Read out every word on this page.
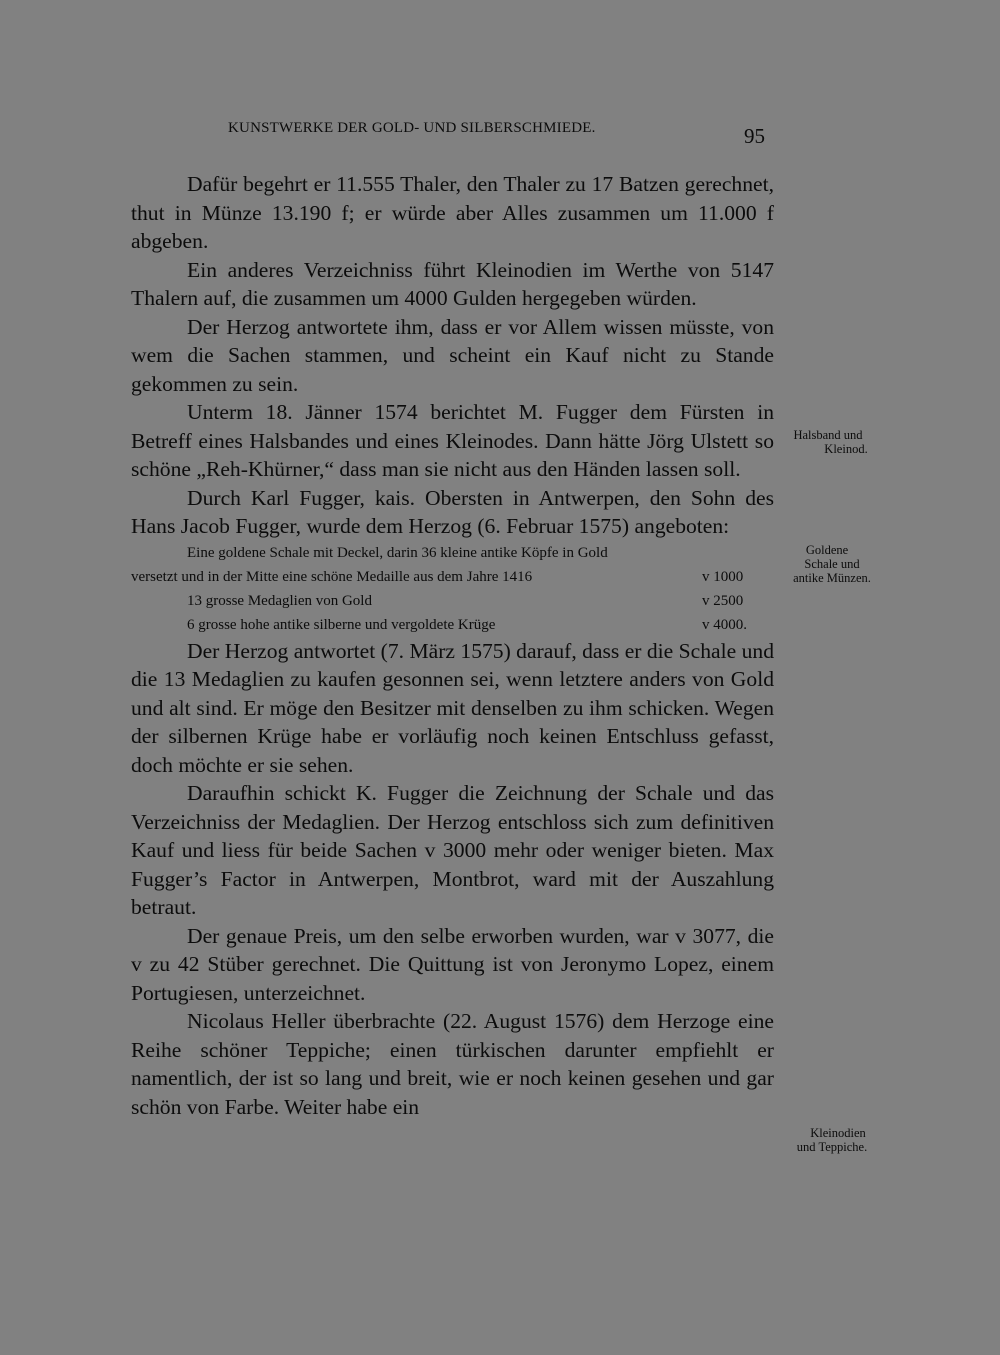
KUNSTWERKE DER GOLD- UND SILBERSCHMIEDE.	95

Dafür begehrt er 11.555 Thaler, den Thaler zu 17 Batzen gerechnet, thut in Münze 13.190 f; er würde aber Alles zusammen um 11.000 f abgeben.

Ein anderes Verzeichniss führt Kleinodien im Werthe von 5147 Thalern auf, die zusammen um 4000 Gulden hergegeben würden.

Der Herzog antwortete ihm, dass er vor Allem wissen müsste, von wem die Sachen stammen, und scheint ein Kauf nicht zu Stande gekommen zu sein.

Unterm 18. Jänner 1574 berichtet M. Fugger dem Fürsten in Betreff eines Halsbandes und eines Kleinodes. Dann hätte Jörg Ulstett so schöne „Reh-Khürner,“ dass man sie nicht aus den Händen lassen soll.

Durch Karl Fugger, kais. Obersten in Antwerpen, den Sohn des Hans Jacob Fugger, wurde dem Herzog (6. Februar 1575) angeboten:

Eine goldene Schale mit Deckel, darin 36 kleine antike Köpfe in Gold
versetzt und in der Mitte eine schöne Medaille aus dem Jahre 1416	v 1000
13 grosse Medaglien von Gold	v 2500
6 grosse hohe antike silberne und vergoldete Krüge	v 4000.

Der Herzog antwortet (7. März 1575) darauf, dass er die Schale und die 13 Medaglien zu kaufen gesonnen sei, wenn letztere anders von Gold und alt sind. Er möge den Besitzer mit denselben zu ihm schicken. Wegen der silbernen Krüge habe er vorläufig noch keinen Entschluss gefasst, doch möchte er sie sehen.

Daraufhin schickt K. Fugger die Zeichnung der Schale und das Verzeichniss der Medaglien. Der Herzog entschloss sich zum definitiven Kauf und liess für beide Sachen v 3000 mehr oder weniger bieten. Max Fugger’s Factor in Antwerpen, Montbrot, ward mit der Auszahlung betraut.

Der genaue Preis, um den selbe erworben wurden, war v 3077, die v zu 42 Stüber gerechnet. Die Quittung ist von Jeronymo Lopez, einem Portugiesen, unterzeichnet.

Nicolaus Heller überbrachte (22. August 1576) dem Herzoge eine Reihe schöner Teppiche; einen türkischen darunter empfiehlt er namentlich, der ist so lang und breit, wie er noch keinen gesehen und gar schön von Farbe. Weiter habe ein

Halsband und
Kleinod.
Goldene
Schale und
antike Münzen.
Kleinodien
und Teppiche.
